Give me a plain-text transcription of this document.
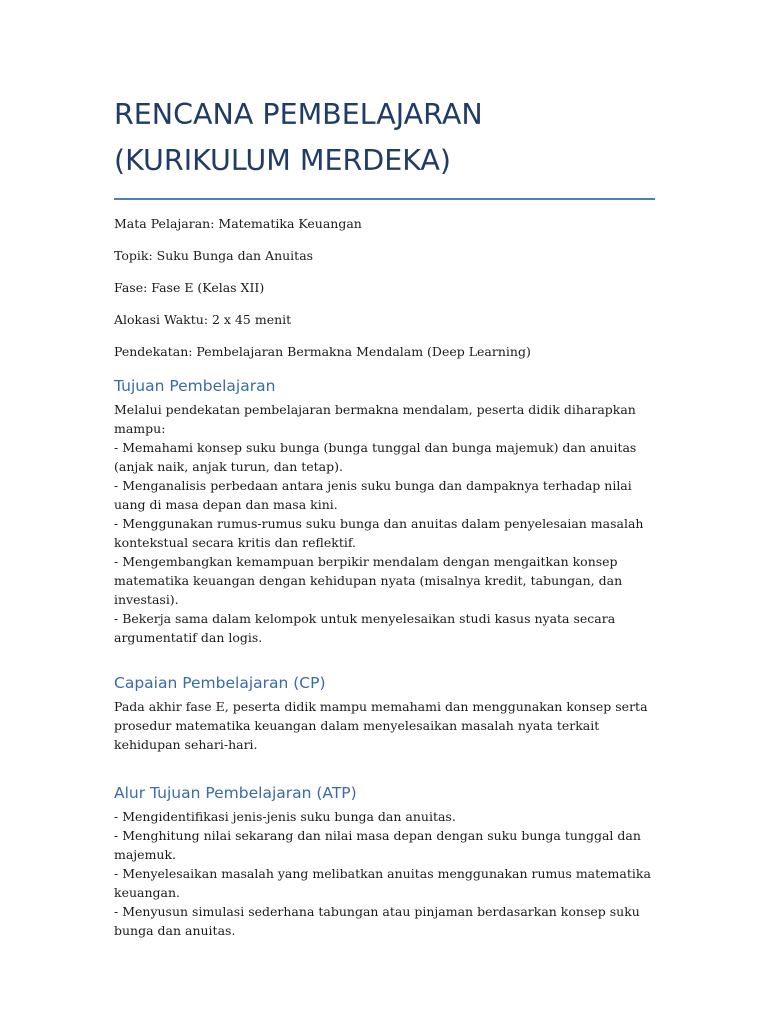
RENCANA PEMBELAJARAN (KURIKULUM MERDEKA)

Mata Pelajaran: Matematika Keuangan

Topik: Suku Bunga dan Anuitas

Fase: Fase E (Kelas XII)

Alokasi Waktu: 2 x 45 menit

Pendekatan: Pembelajaran Bermakna Mendalam (Deep Learning)

Tujuan Pembelajaran
Melalui pendekatan pembelajaran bermakna mendalam, peserta didik diharapkan mampu:
- Memahami konsep suku bunga (bunga tunggal dan bunga majemuk) dan anuitas (anjak naik, anjak turun, dan tetap).
- Menganalisis perbedaan antara jenis suku bunga dan dampaknya terhadap nilai uang di masa depan dan masa kini.
- Menggunakan rumus-rumus suku bunga dan anuitas dalam penyelesaian masalah kontekstual secara kritis dan reflektif.
- Mengembangkan kemampuan berpikir mendalam dengan mengaitkan konsep matematika keuangan dengan kehidupan nyata (misalnya kredit, tabungan, dan investasi).
- Bekerja sama dalam kelompok untuk menyelesaikan studi kasus nyata secara argumentatif dan logis.
Capaian Pembelajaran (CP)
Pada akhir fase E, peserta didik mampu memahami dan menggunakan konsep serta prosedur matematika keuangan dalam menyelesaikan masalah nyata terkait kehidupan sehari-hari.
Alur Tujuan Pembelajaran (ATP)
- Mengidentifikasi jenis-jenis suku bunga dan anuitas.
- Menghitung nilai sekarang dan nilai masa depan dengan suku bunga tunggal dan majemuk.
- Menyelesaikan masalah yang melibatkan anuitas menggunakan rumus matematika keuangan.
- Menyusun simulasi sederhana tabungan atau pinjaman berdasarkan konsep suku bunga dan anuitas.
